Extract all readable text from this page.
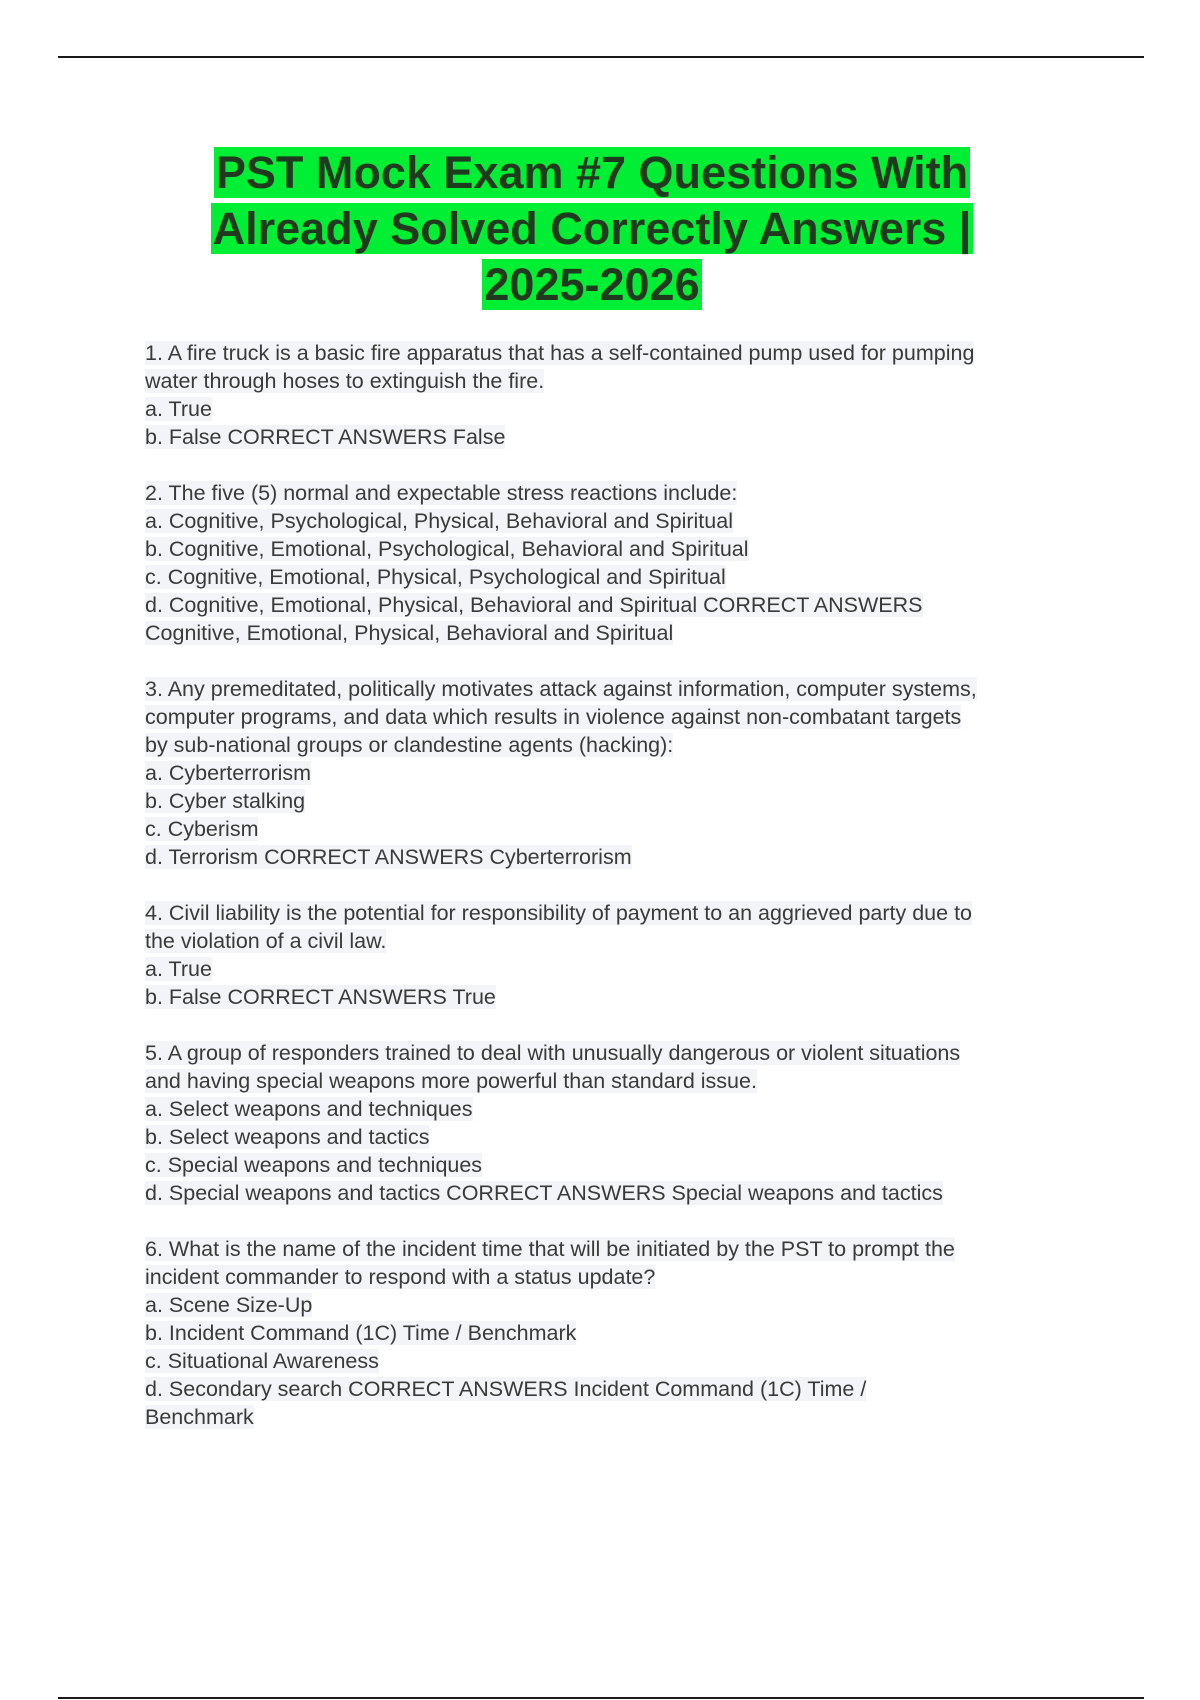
PST Mock Exam #7 Questions With
Already Solved Correctly Answers |
2025-2026
1. A fire truck is a basic fire apparatus that has a self-contained pump used for pumping
water through hoses to extinguish the fire.
a. True
b. False CORRECT ANSWERS False
2. The five (5) normal and expectable stress reactions include:
a. Cognitive, Psychological, Physical, Behavioral and Spiritual
b. Cognitive, Emotional, Psychological, Behavioral and Spiritual
c. Cognitive, Emotional, Physical, Psychological and Spiritual
d. Cognitive, Emotional, Physical, Behavioral and Spiritual CORRECT ANSWERS
Cognitive, Emotional, Physical, Behavioral and Spiritual
3. Any premeditated, politically motivates attack against information, computer systems,
computer programs, and data which results in violence against non-combatant targets
by sub-national groups or clandestine agents (hacking):
a. Cyberterrorism
b. Cyber stalking
c. Cyberism
d. Terrorism CORRECT ANSWERS Cyberterrorism
4. Civil liability is the potential for responsibility of payment to an aggrieved party due to
the violation of a civil law.
a. True
b. False CORRECT ANSWERS True
5. A group of responders trained to deal with unusually dangerous or violent situations
and having special weapons more powerful than standard issue.
a. Select weapons and techniques
b. Select weapons and tactics
c. Special weapons and techniques
d. Special weapons and tactics CORRECT ANSWERS Special weapons and tactics
6. What is the name of the incident time that will be initiated by the PST to prompt the
incident commander to respond with a status update?
a. Scene Size-Up
b. Incident Command (1C) Time / Benchmark
c. Situational Awareness
d. Secondary search CORRECT ANSWERS Incident Command (1C) Time /
Benchmark
